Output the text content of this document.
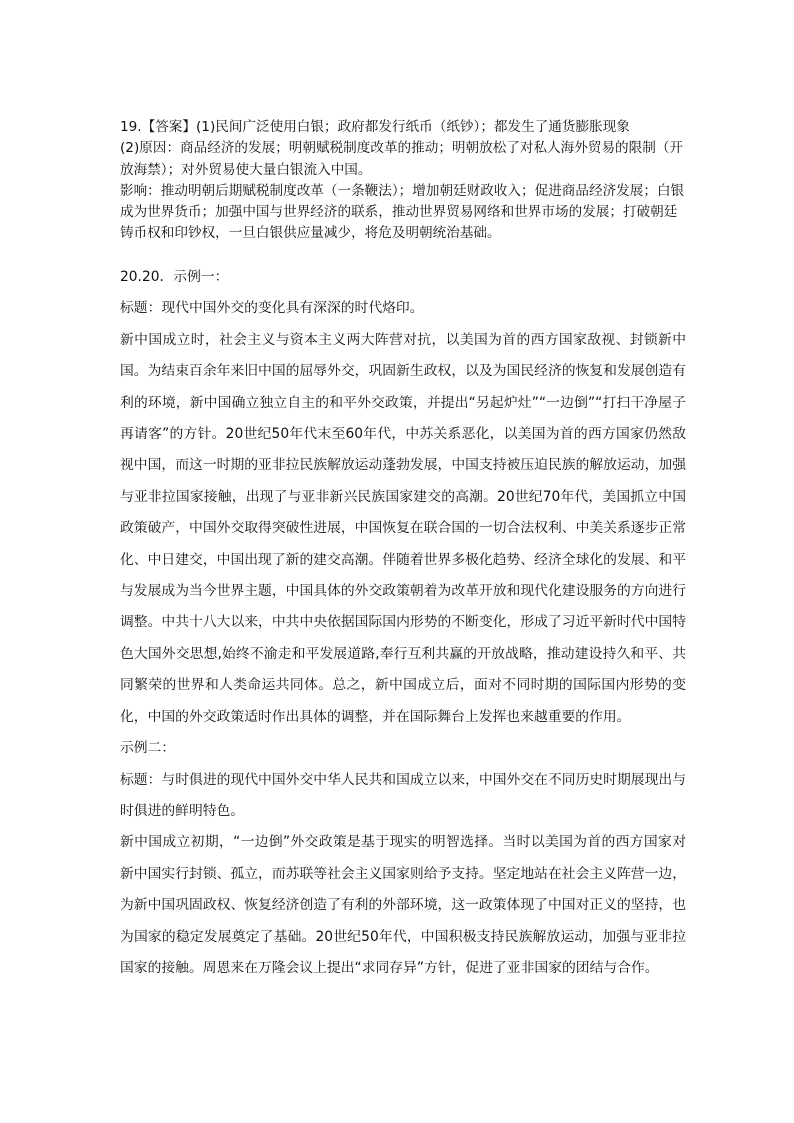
19.【答案】(1)民间广泛使用白银；政府都发行纸币（纸钞）；都发生了通货膨胀现象

(2)原因：商品经济的发展；明朝赋税制度改革的推动；明朝放松了对私人海外贸易的限制（开放海禁）；对外贸易使大量白银流入中国。

影响：推动明朝后期赋税制度改革（一条鞭法）；增加朝廷财政收入；促进商品经济发展；白银成为世界货币；加强中国与世界经济的联系，推动世界贸易网络和世界市场的发展；打破朝廷铸币权和印钞权，一旦白银供应量减少，将危及明朝统治基础。

20.20．示例一：

标题：现代中国外交的变化具有深深的时代烙印。

新中国成立时，社会主义与资本主义两大阵营对抗，以美国为首的西方国家敌视、封锁新中国。为结束百余年来旧中国的屈辱外交，巩固新生政权，以及为国民经济的恢复和发展创造有利的环境，新中国确立独立自主的和平外交政策，并提出“另起炉灶”“一边倒”“打扫干净屋子再请客”的方针。20世纪50年代末至60年代，中苏关系恶化，以美国为首的西方国家仍然敌视中国，而这一时期的亚非拉民族解放运动蓬勃发展，中国支持被压迫民族的解放运动，加强与亚非拉国家接触，出现了与亚非新兴民族国家建交的高潮。20世纪70年代，美国抓立中国政策破产，中国外交取得突破性进展，中国恢复在联合国的一切合法权利、中美关系逐步正常化、中日建交，中国出现了新的建交高潮。伴随着世界多极化趋势、经济全球化的发展、和平与发展成为当今世界主题，中国具体的外交政策朝着为改革开放和现代化建设服务的方向进行调整。中共十八大以来，中共中央依据国际国内形势的不断变化，形成了习近平新时代中国特色大国外交思想,始终不渝走和平发展道路,奉行互利共赢的开放战略，推动建设持久和平、共同繁荣的世界和人类命运共同体。总之，新中国成立后，面对不同时期的国际国内形势的变化，中国的外交政策适时作出具体的调整，并在国际舞台上发挥也来越重要的作用。

示例二：

标题：与时俱进的现代中国外交中华人民共和国成立以来，中国外交在不同历史时期展现出与时俱进的鲜明特色。

新中国成立初期，“一边倒”外交政策是基于现实的明智选择。当时以美国为首的西方国家对新中国实行封锁、孤立，而苏联等社会主义国家则给予支持。坚定地站在社会主义阵营一边，为新中国巩固政权、恢复经济创造了有利的外部环境，这一政策体现了中国对正义的坚持，也为国家的稳定发展奠定了基础。20世纪50年代，中国积极支持民族解放运动，加强与亚非拉国家的接触。周恩来在万隆会议上提出“求同存异”方针，促进了亚非国家的团结与合作。
